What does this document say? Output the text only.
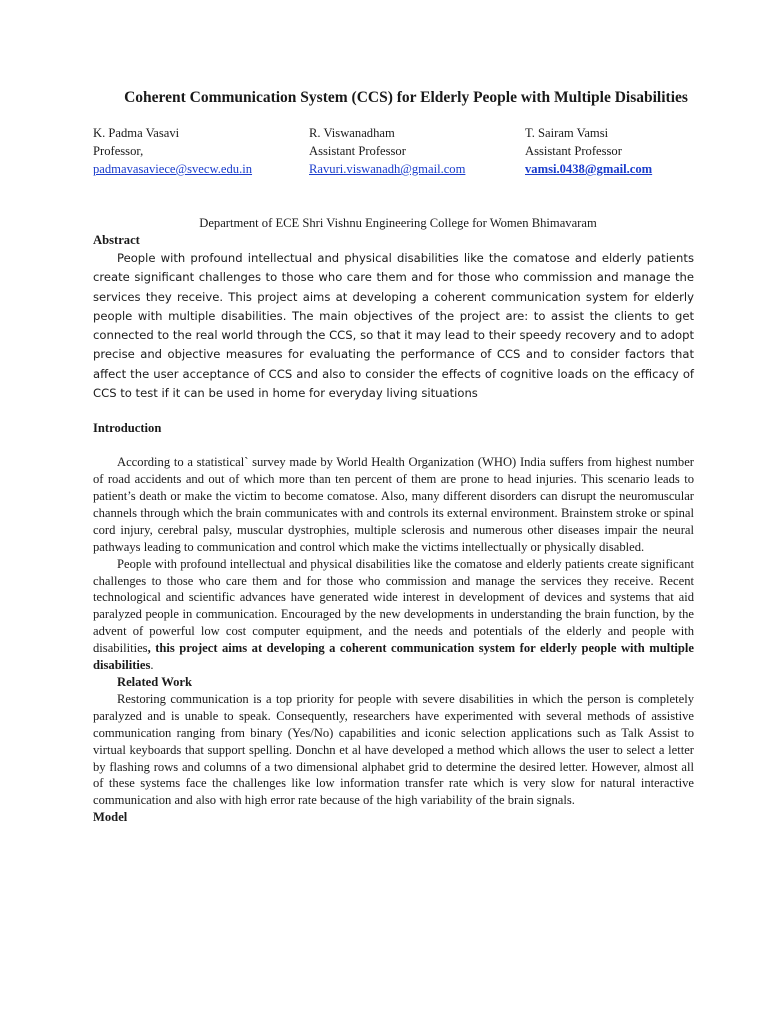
Coherent Communication System (CCS) for Elderly People with Multiple Disabilities
K. Padma Vasavi
Professor,
padmavasaviece@svecw.edu.in
R. Viswanadham
Assistant Professor
Ravuri.viswanadh@gmail.com
T. Sairam Vamsi
Assistant Professor
vamsi.0438@gmail.com
Department of ECE Shri Vishnu Engineering College for Women Bhimavaram

Abstract

People with profound intellectual and physical disabilities like the comatose and elderly patients create significant challenges to those who care them and for those who commission and manage the services they receive. This project aims at developing a coherent communication system for elderly people with multiple disabilities. The main objectives of the project are: to assist the clients to get connected to the real world through the CCS, so that it may lead to their speedy recovery and to adopt precise and objective measures for evaluating the performance of CCS and to consider factors that affect the user acceptance of CCS and also to consider the effects of cognitive loads on the efficacy of CCS to test if it can be used in home for everyday living situations

Introduction

According to a statistical` survey made by World Health Organization (WHO) India suffers from highest number of road accidents and out of which more than ten percent of them are prone to head injuries. This scenario leads to patient’s death or make the victim to become comatose. Also, many different disorders can disrupt the neuromuscular channels through which the brain communicates with and controls its external environment. Brainstem stroke or spinal cord injury, cerebral palsy, muscular dystrophies, multiple sclerosis and numerous other diseases impair the neural pathways leading to communication and control which make the victims intellectually or physically disabled.

People with profound intellectual and physical disabilities like the comatose and elderly patients create significant challenges to those who care them and for those who commission and manage the services they receive. Recent technological and scientific advances have generated wide interest in development of devices and systems that aid paralyzed people in communication. Encouraged by the new developments in understanding the brain function, by the advent of powerful low cost computer equipment, and the needs and potentials of the elderly and people with disabilities, this project aims at developing a coherent communication system for elderly people with multiple disabilities.

Related Work

Restoring communication is a top priority for people with severe disabilities in which the person is completely paralyzed and is unable to speak. Consequently, researchers have experimented with several methods of assistive communication ranging from binary (Yes/No) capabilities and iconic selection applications such as Talk Assist to virtual keyboards that support spelling. Donchn et al have developed a method which allows the user to select a letter by flashing rows and columns of a two dimensional alphabet grid to determine the desired letter. However, almost all of these systems face the challenges like low information transfer rate which is very slow for natural interactive communication and also with high error rate because of the high variability of the brain signals.

Model
